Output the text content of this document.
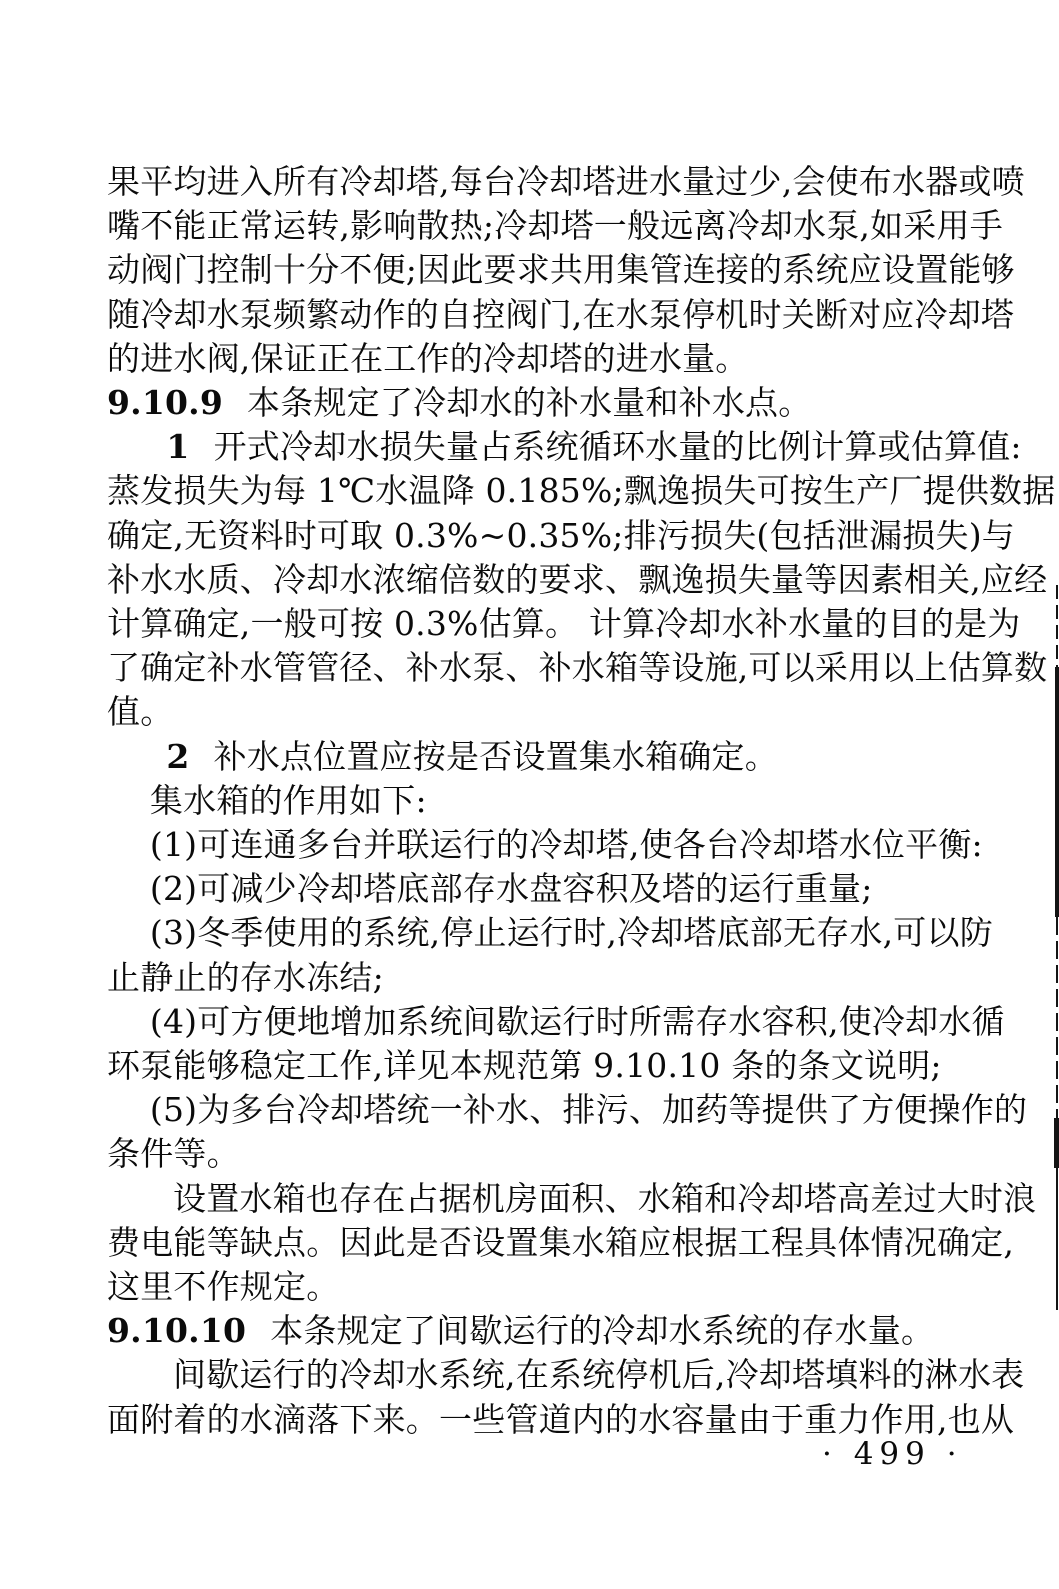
果平均进入所有冷却塔,每台冷却塔进水量过少,会使布水器或喷
嘴不能正常运转,影响散热;冷却塔一般远离冷却水泵,如采用手
动阀门控制十分不便;因此要求共用集管连接的系统应设置能够
随冷却水泵频繁动作的自控阀门,在水泵停机时关断对应冷却塔
的进水阀,保证正在工作的冷却塔的进水量。
9.10.9 本条规定了冷却水的补水量和补水点。
1 开式冷却水损失量占系统循环水量的比例计算或估算值:
蒸发损失为每 1℃水温降 0.185%;飘逸损失可按生产厂提供数据
确定,无资料时可取 0.3%~0.35%;排污损失(包括泄漏损失)与
补水水质、冷却水浓缩倍数的要求、飘逸损失量等因素相关,应经
计算确定,一般可按 0.3%估算。 计算冷却水补水量的目的是为
了确定补水管管径、补水泵、补水箱等设施,可以采用以上估算数
值。
2 补水点位置应按是否设置集水箱确定。
集水箱的作用如下:
(1)可连通多台并联运行的冷却塔,使各台冷却塔水位平衡:
(2)可减少冷却塔底部存水盘容积及塔的运行重量;
(3)冬季使用的系统,停止运行时,冷却塔底部无存水,可以防
止静止的存水冻结;
(4)可方便地增加系统间歇运行时所需存水容积,使冷却水循
环泵能够稳定工作,详见本规范第 9.10.10 条的条文说明;
(5)为多台冷却塔统一补水、排污、加药等提供了方便操作的
条件等。
设置水箱也存在占据机房面积、水箱和冷却塔高差过大时浪
费电能等缺点。因此是否设置集水箱应根据工程具体情况确定,
这里不作规定。
9.10.10 本条规定了间歇运行的冷却水系统的存水量。
间歇运行的冷却水系统,在系统停机后,冷却塔填料的淋水表
面附着的水滴落下来。一些管道内的水容量由于重力作用,也从
· 499 ·
